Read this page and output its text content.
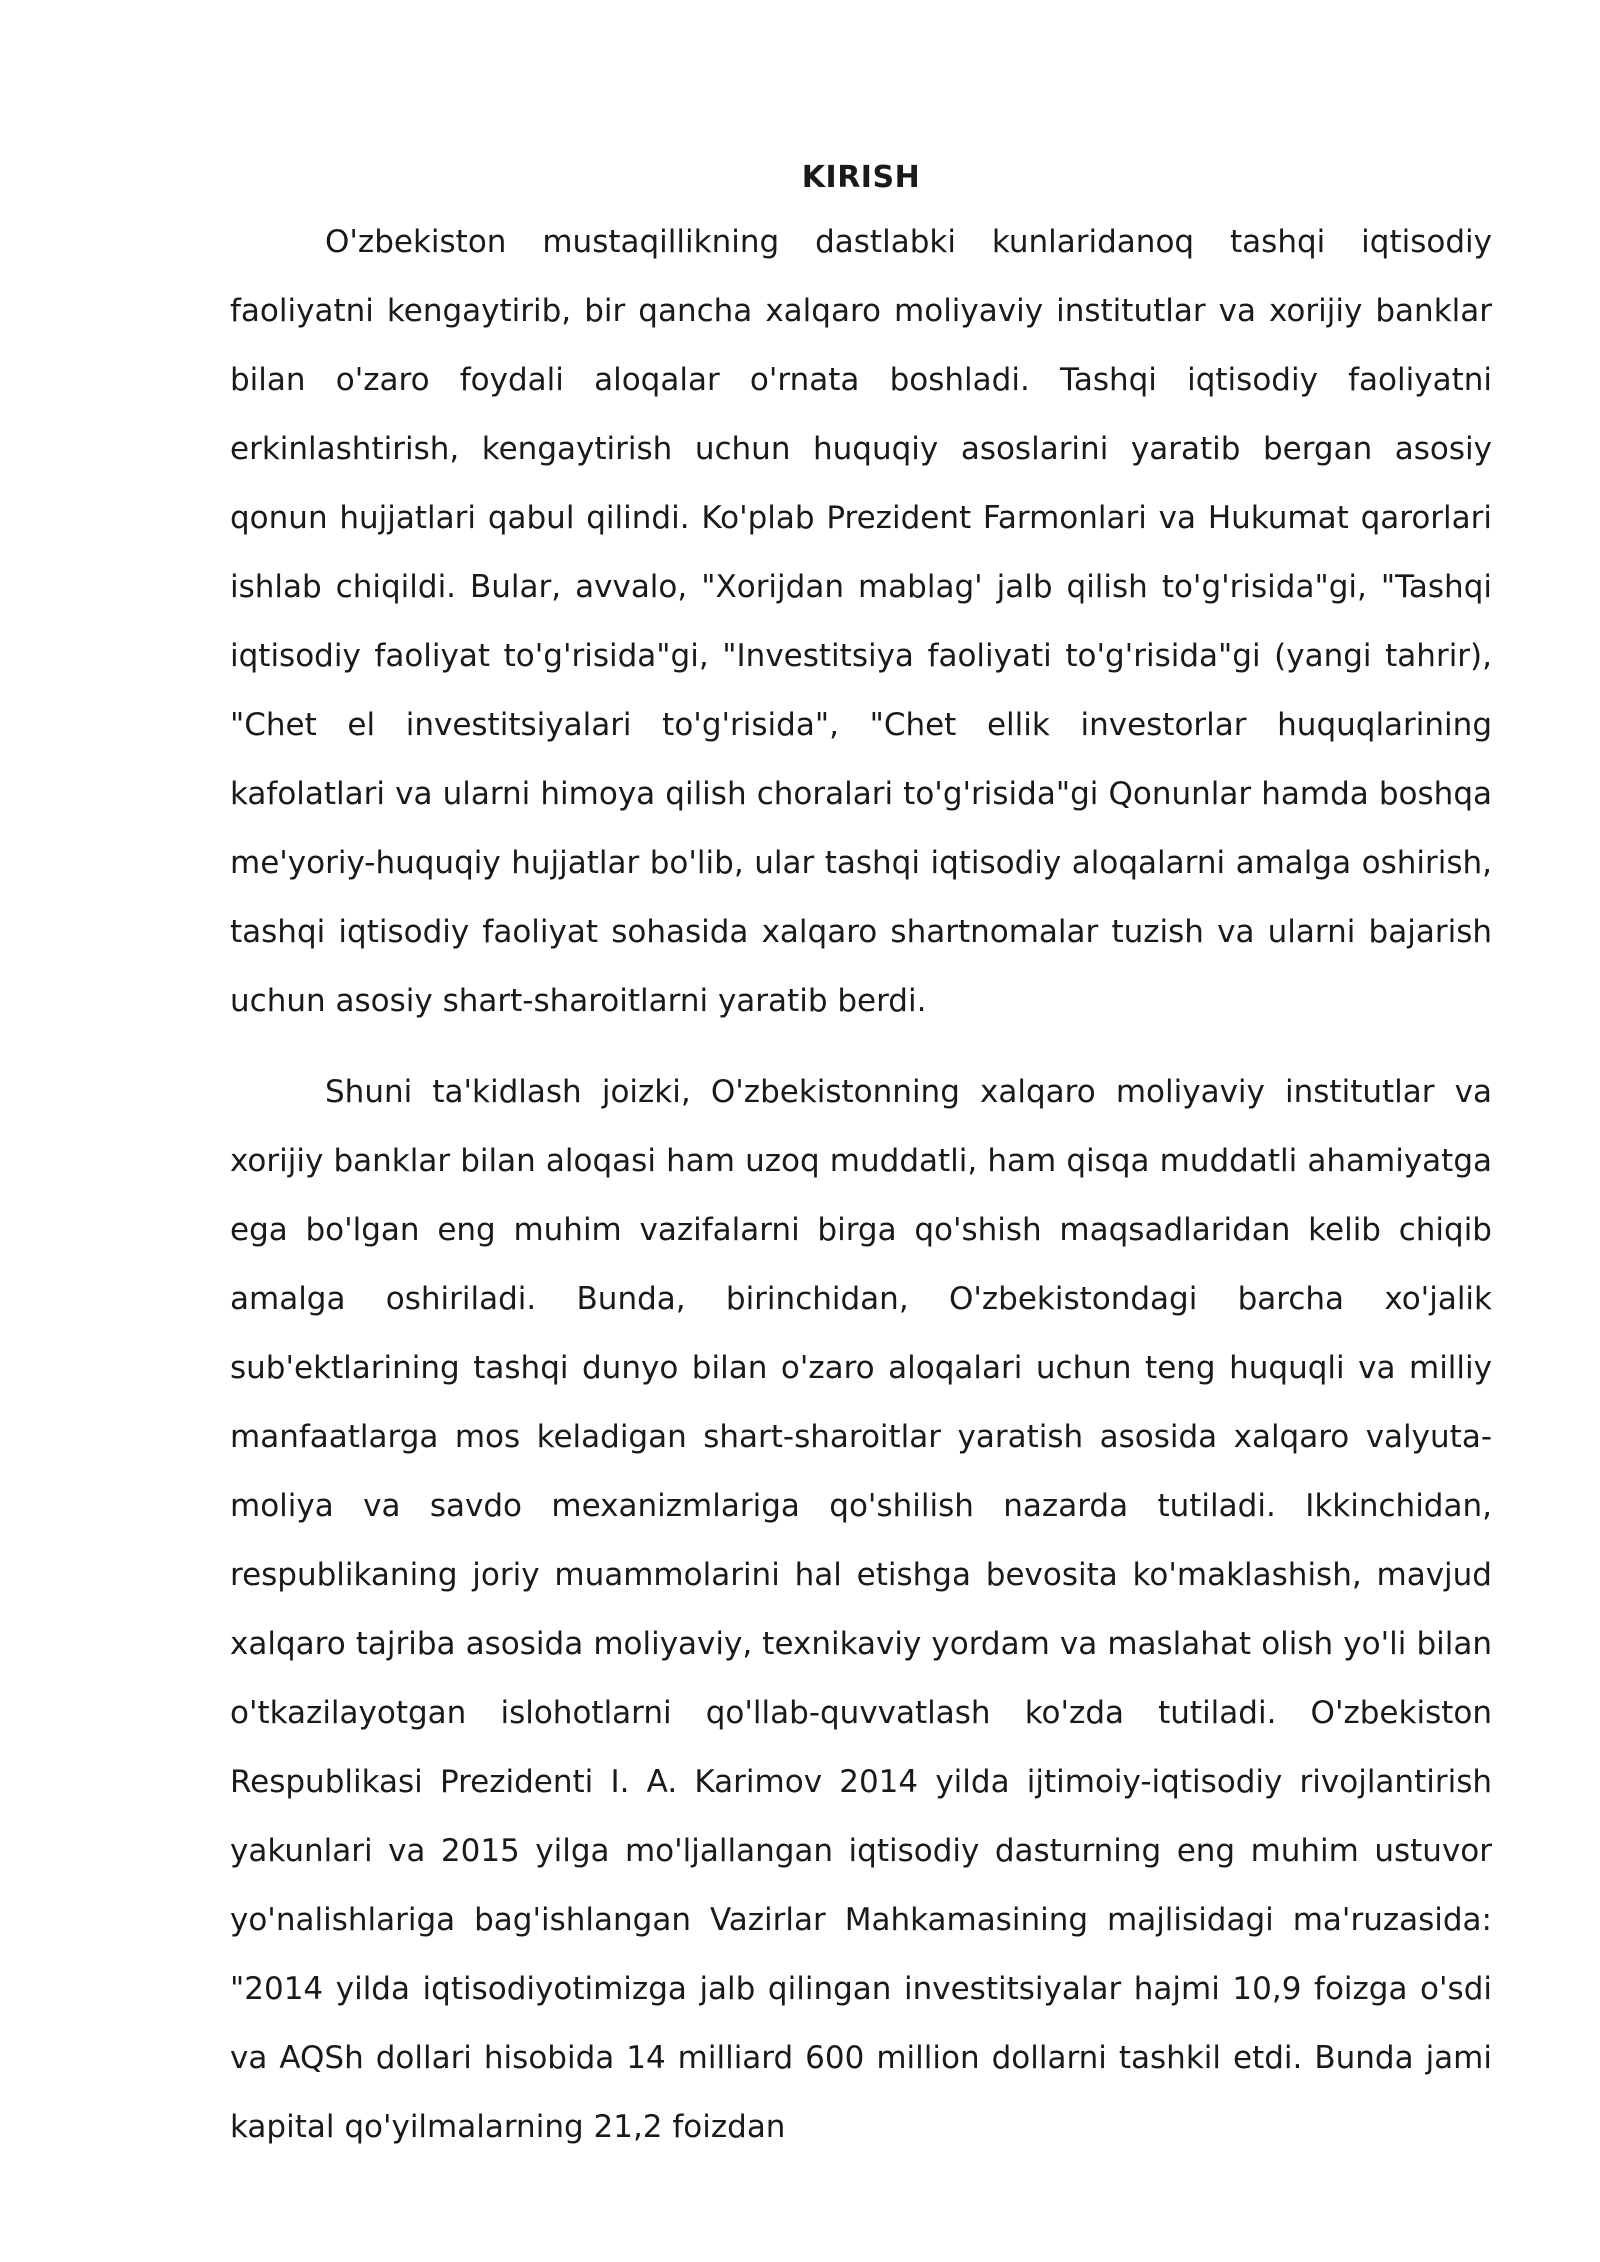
KIRISH

O'zbekiston mustaqillikning dastlabki kunlaridanoq tashqi iqtisodiy faoliyatni kengaytirib, bir qancha xalqaro moliyaviy institutlar va xorijiy banklar bilan o'zaro foydali aloqalar o'rnata boshladi. Tashqi iqtisodiy faoliyatni erkinlashtirish, kengaytirish uchun huquqiy asoslarini yaratib bergan asosiy qonun hujjatlari qabul qilindi. Ko'plab Prezident Farmonlari va Hukumat qarorlari ishlab chiqildi. Bular, avvalo, "Xorijdan mablag' jalb qilish to'g'risida"gi, "Tashqi iqtisodiy faoliyat to'g'risida"gi, "Investitsiya faoliyati to'g'risida"gi (yangi tahrir), "Chet el investitsiyalari to'g'risida", "Chet ellik investorlar huquqlarining kafolatlari va ularni himoya qilish choralari to'g'risida"gi Qonunlar hamda boshqa me'yoriy-huquqiy hujjatlar bo'lib, ular tashqi iqtisodiy aloqalarni amalga oshirish, tashqi iqtisodiy faoliyat sohasida xalqaro shartnomalar tuzish va ularni bajarish uchun asosiy shart-sharoitlarni yaratib berdi.

Shuni ta'kidlash joizki, O'zbekistonning xalqaro moliyaviy institutlar va xorijiy banklar bilan aloqasi ham uzoq muddatli, ham qisqa muddatli ahamiyatga ega bo'lgan eng muhim vazifalarni birga qo'shish maqsadlaridan kelib chiqib amalga oshiriladi. Bunda, birinchidan, O'zbekistondagi barcha xo'jalik sub'ektlarining tashqi dunyo bilan o'zaro aloqalari uchun teng huquqli va milliy manfaatlarga mos keladigan shart-sharoitlar yaratish asosida xalqaro valyuta-moliya va savdo mexanizmlariga qo'shilish nazarda tutiladi. Ikkinchidan, respublikaning joriy muammolarini hal etishga bevosita ko'maklashish, mavjud xalqaro tajriba asosida moliyaviy, texnikaviy yordam va maslahat olish yo'li bilan o'tkazilayotgan islohotlarni qo'llab-quvvatlash ko'zda tutiladi. O'zbekiston Respublikasi Prezidenti I. A. Karimov 2014 yilda ijtimoiy-iqtisodiy rivojlantirish yakunlari va 2015 yilga mo'ljallangan iqtisodiy dasturning eng muhim ustuvor yo'nalishlariga bag'ishlangan Vazirlar Mahkamasining majlisidagi ma'ruzasida: "2014 yilda iqtisodiyotimizga jalb qilingan investitsiyalar hajmi 10,9 foizga o'sdi va AQSh dollari hisobida 14 milliard 600 million dollarni tashkil etdi. Bunda jami kapital qo'yilmalarning 21,2 foizdan
